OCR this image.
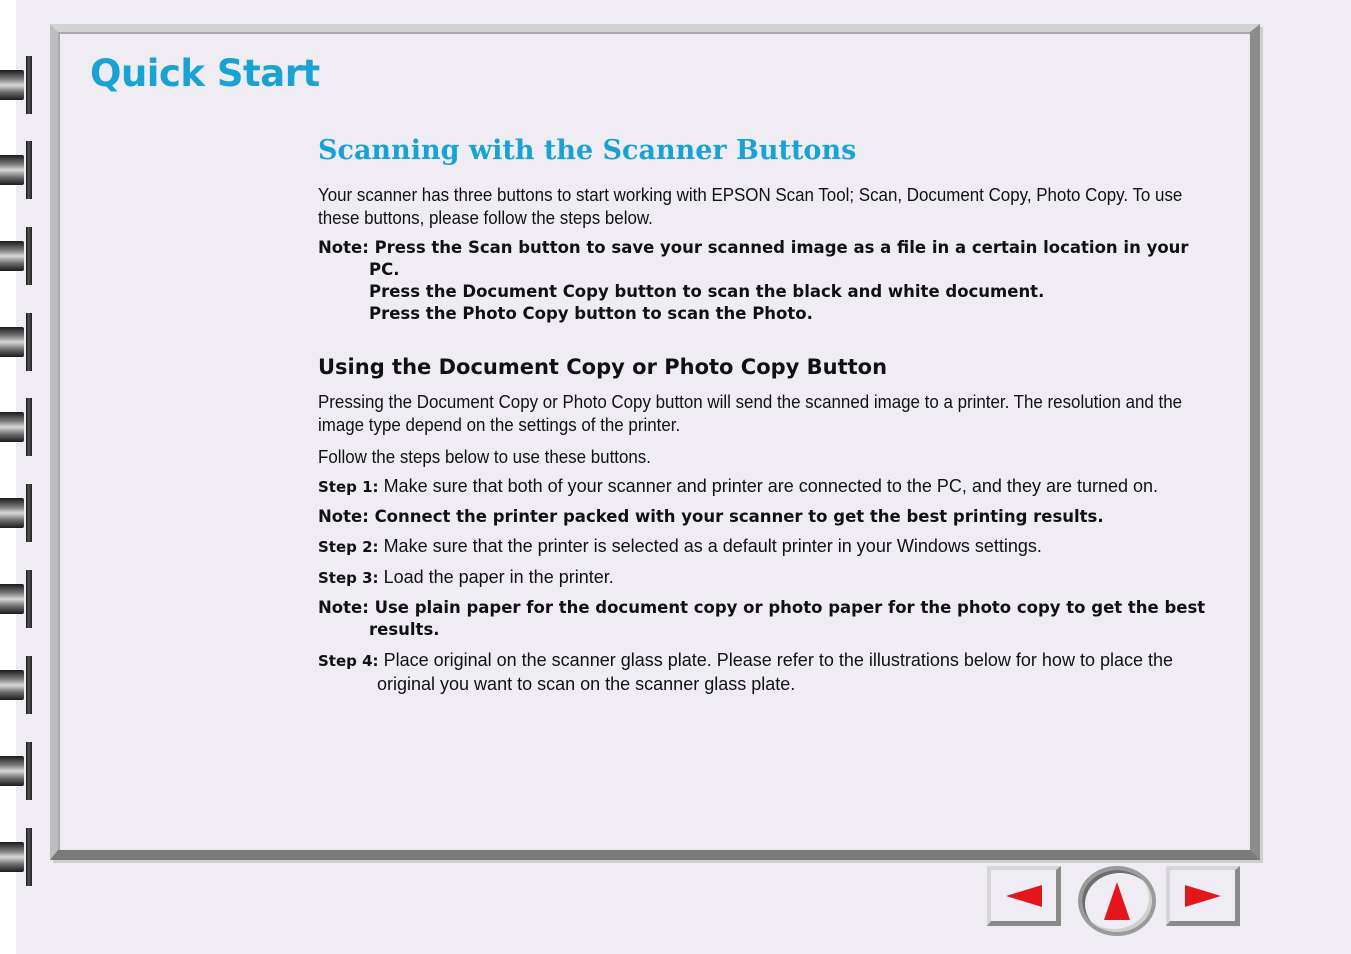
Quick Start
Scanning with the Scanner Buttons

Your scanner has three buttons to start working with EPSON Scan Tool; Scan, Document Copy, Photo Copy. To use these buttons, please follow the steps below.

Note: Press the Scan button to save your scanned image as a file in a certain location in your PC.
Press the Document Copy button to scan the black and white document.
Press the Photo Copy button to scan the Photo.

Using the Document Copy or Photo Copy Button

Pressing the Document Copy or Photo Copy button will send the scanned image to a printer. The resolution and the image type depend on the settings of the printer.

Follow the steps below to use these buttons.

Step 1: Make sure that both of your scanner and printer are connected to the PC, and they are turned on.

Note: Connect the printer packed with your scanner to get the best printing results.

Step 2: Make sure that the printer is selected as a default printer in your Windows settings.

Step 3: Load the paper in the printer.

Note: Use plain paper for the document copy or photo paper for the photo copy to get the best results.

Step 4: Place original on the scanner glass plate. Please refer to the illustrations below for how to place the original you want to scan on the scanner glass plate.
